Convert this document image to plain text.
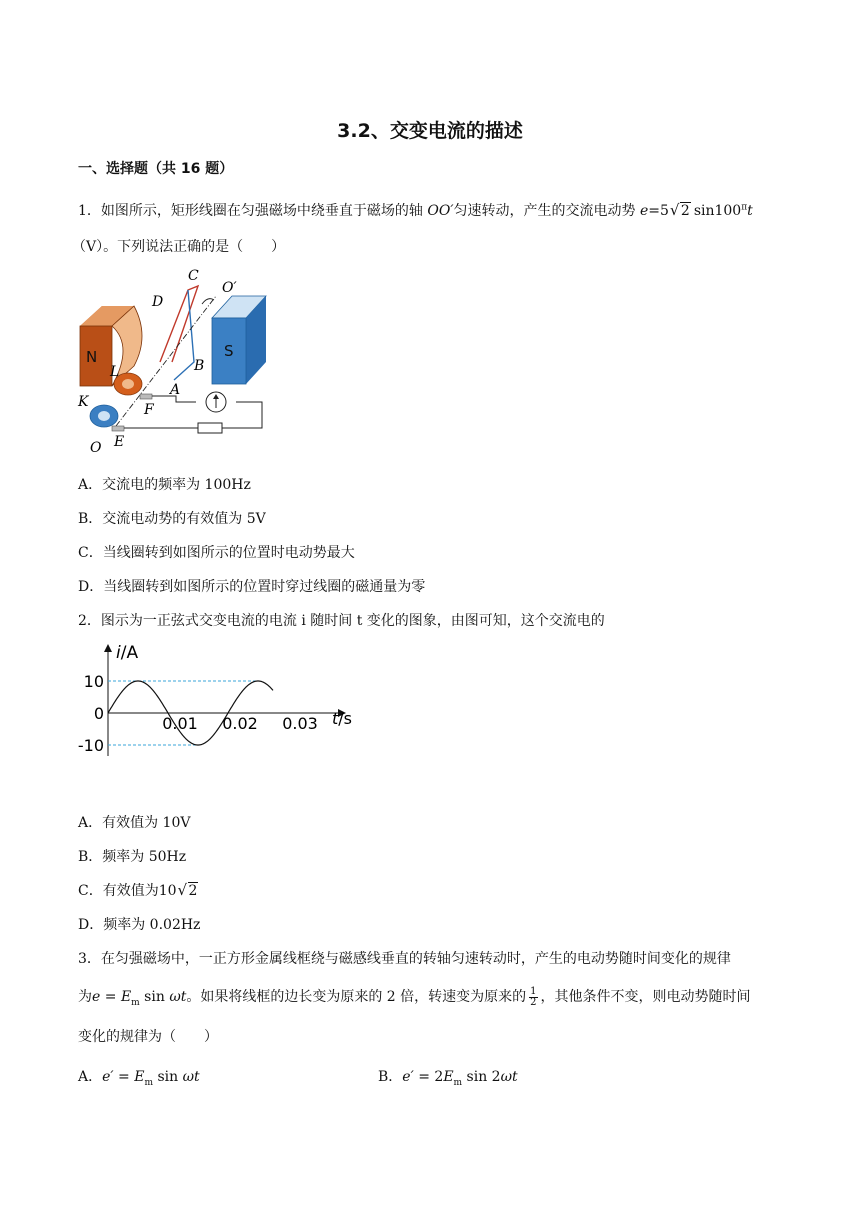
3.2、交变电流的描述
一、选择题（共 16 题）
1．如图所示，矩形线圈在匀强磁场中绕垂直于磁场的轴 OO′匀速转动，产生的交流电动势 e=5 √ 2 $\sin 100^\pi t$
（V）。下列说法正确的是（　　）
N	S
C
D
O′
B
L
A
F
K
E
O
A．交流电的频率为 100Hz
B．交流电动势的有效值为 5V
C．当线圈转到如图所示的位置时电动势最大
D．当线圈转到如图所示的位置时穿过线圈的磁通量为零
2．图示为一正弦式交变电流的电流 i 随时间 t 变化的图象，由图可知，这个交流电的
i/A
t/s
10
0
-10
0.01 0.02 0.03
A．有效值为 10V
B．频率为 50Hz
C．有效值为10 √ 2
D．频率为 0.02Hz
3．在匀强磁场中，一正方形金属线框绕与磁感线垂直的转轴匀速转动时，产生的电动势随时间变化的规律
为$e = E_m$ sin ωt。如果将线框的边长变为原来的 2 倍，转速变为原来的 $\frac{1}{2}$ ，其他条件不变，则电动势随时间
变化的规律为（　　）
A．$e' = E_m$ sin ωt	B．$e' = 2E_m$ sin 2ωt
